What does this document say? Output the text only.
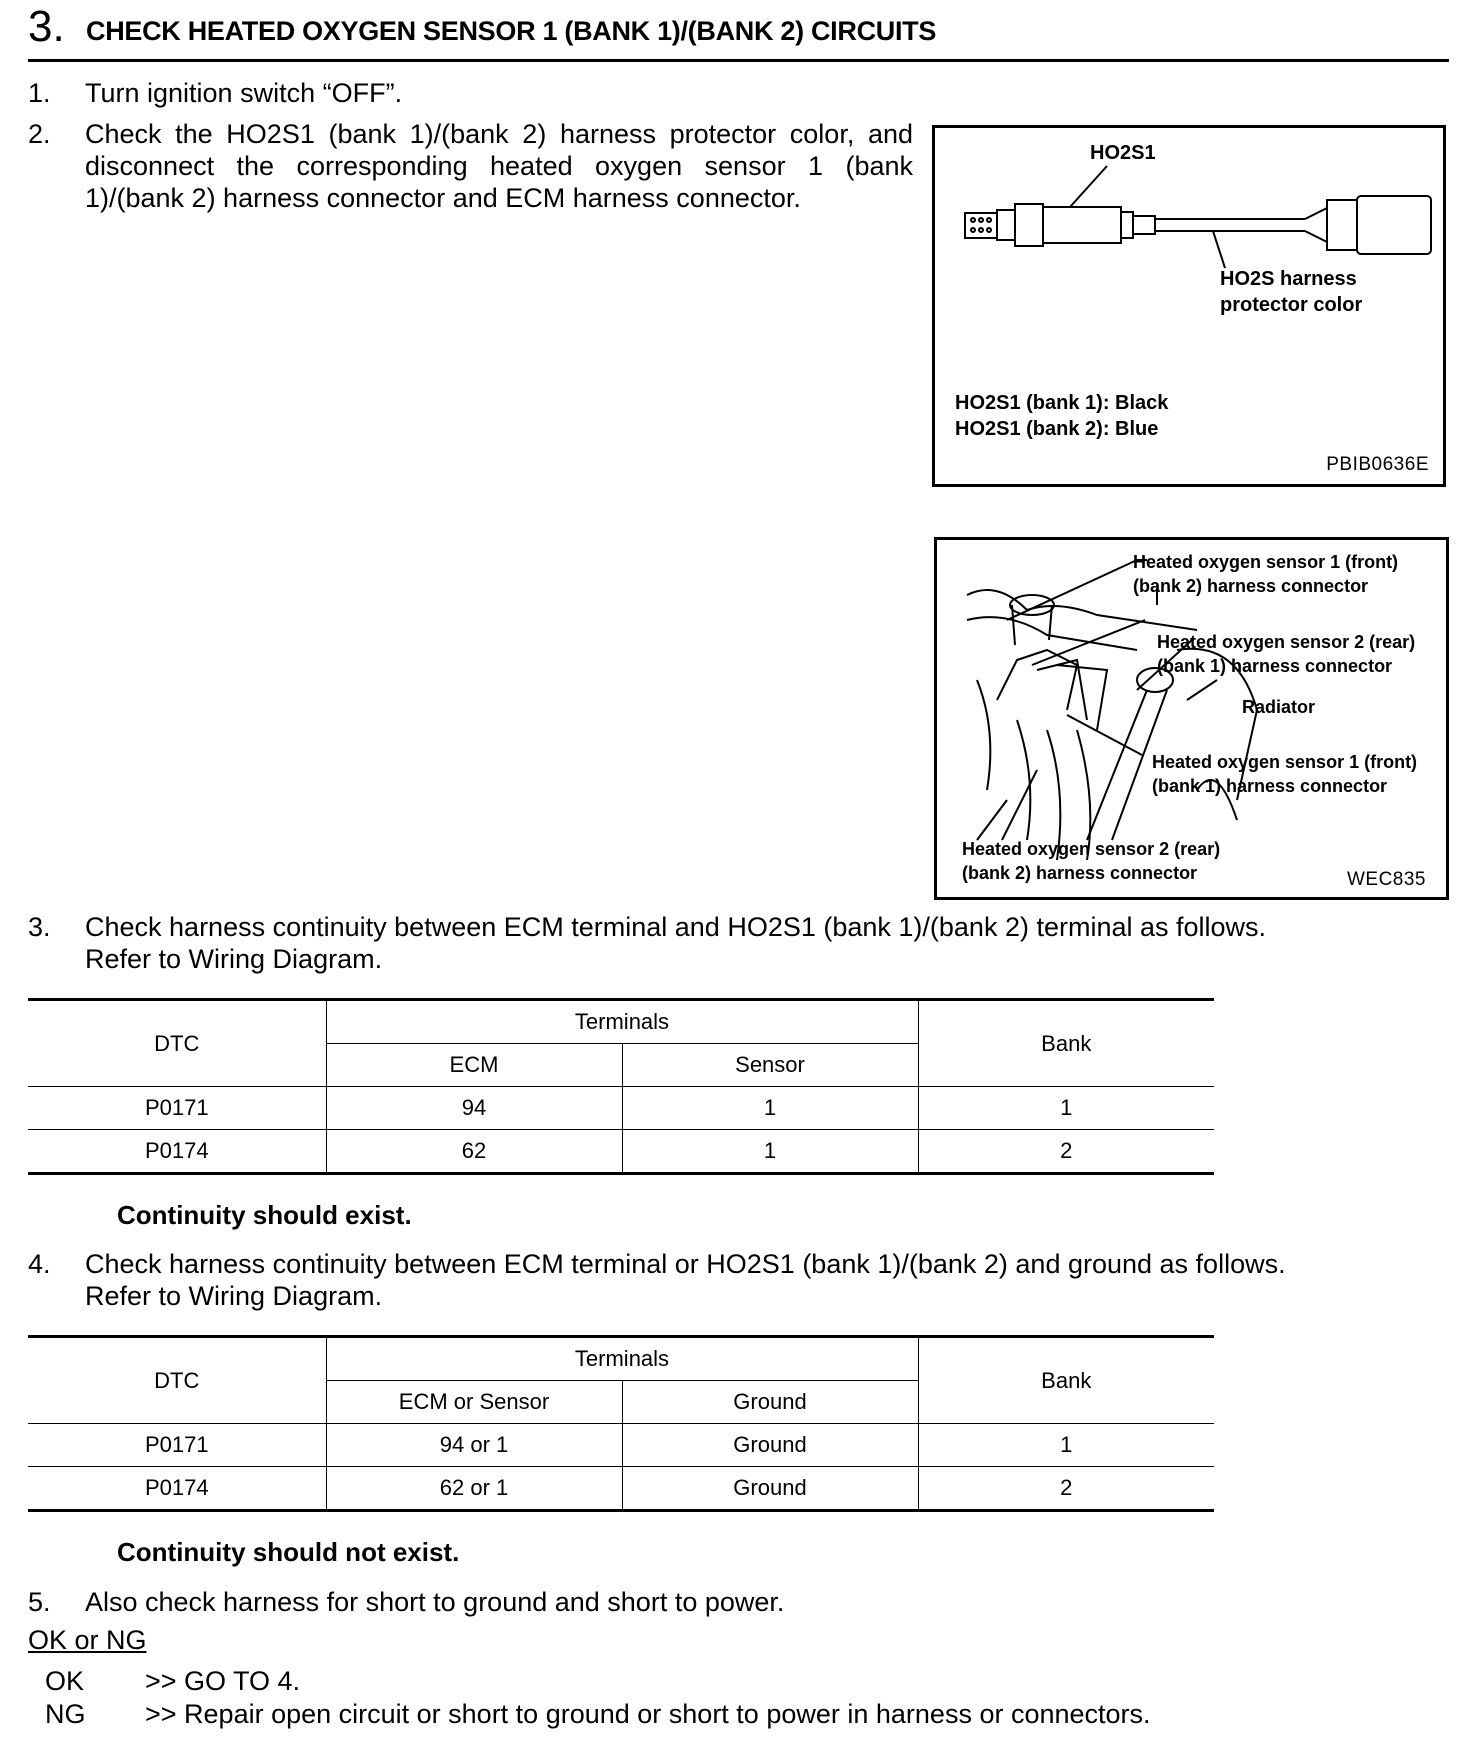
3. CHECK HEATED OXYGEN SENSOR 1 (BANK 1)/(BANK 2) CIRCUITS
1. Turn ignition switch “OFF”.
2. Check the HO2S1 (bank 1)/(bank 2) harness protector color, and disconnect the corresponding heated oxygen sensor 1 (bank 1)/(bank 2) harness connector and ECM harness connector.
HO2S1
HO2S harness
protector color
HO2S1 (bank 1): Black
HO2S1 (bank 2): Blue
PBIB0636E
Heated oxygen sensor 1 (front)
(bank 2) harness connector
Heated oxygen sensor 2 (rear)
(bank 1) harness connector
Radiator
Heated oxygen sensor 1 (front)
(bank 1) harness connector
Heated oxygen sensor 2 (rear)
(bank 2) harness connector	WEC835
3. Check harness continuity between ECM terminal and HO2S1 (bank 1)/(bank 2) terminal as follows.
Refer to Wiring Diagram.
DTC	Terminals		Bank
	ECM	Sensor	
P0171	94	1	1
P0174	62	1	2
Continuity should exist.
4. Check harness continuity between ECM terminal or HO2S1 (bank 1)/(bank 2) and ground as follows.
Refer to Wiring Diagram.
DTC	Terminals		Bank
	ECM or Sensor	Ground	
P0171	94 or 1	Ground	1
P0174	62 or 1	Ground	2
Continuity should not exist.
5. Also check harness for short to ground and short to power.
OK or NG
OK >> GO TO 4.
NG >> Repair open circuit or short to ground or short to power in harness or connectors.
